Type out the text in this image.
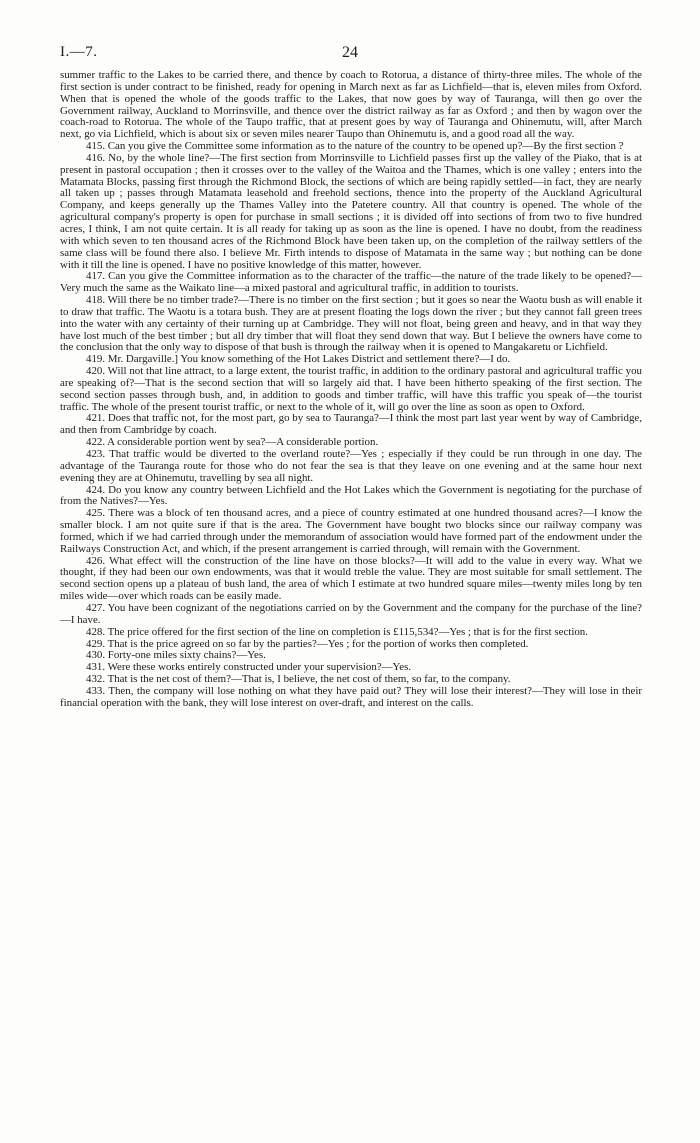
I.—7.	24

summer traffic to the Lakes to be carried there, and thence by coach to Rotorua, a distance of thirty-three miles. The whole of the first section is under contract to be finished, ready for opening in March next as far as Lichfield—that is, eleven miles from Oxford. When that is opened the whole of the goods traffic to the Lakes, that now goes by way of Tauranga, will then go over the Government railway, Auckland to Morrinsville, and thence over the district railway as far as Oxford ; and then by wagon over the coach-road to Rotorua. The whole of the Taupo traffic, that at present goes by way of Tauranga and Ohinemutu, will, after March next, go via Lichfield, which is about six or seven miles nearer Taupo than Ohinemutu is, and a good road all the way.

415. Can you give the Committee some information as to the nature of the country to be opened up?—By the first section ?

416. No, by the whole line?—The first section from Morrinsville to Lichfield passes first up the valley of the Piako, that is at present in pastoral occupation ; then it crosses over to the valley of the Waitoa and the Thames, which is one valley ; enters into the Matamata Blocks, passing first through the Richmond Block, the sections of which are being rapidly settled—in fact, they are nearly all taken up ; passes through Matamata leasehold and freehold sections, thence into the property of the Auckland Agricultural Company, and keeps generally up the Thames Valley into the Patetere country. All that country is opened. The whole of the agricultural company's property is open for purchase in small sections ; it is divided off into sections of from two to five hundred acres, I think, I am not quite certain. It is all ready for taking up as soon as the line is opened. I have no doubt, from the readiness with which seven to ten thousand acres of the Richmond Block have been taken up, on the completion of the railway settlers of the same class will be found there also. I believe Mr. Firth intends to dispose of Matamata in the same way ; but nothing can be done with it till the line is opened. I have no positive knowledge of this matter, however.

417. Can you give the Committee information as to the character of the traffic—the nature of the trade likely to be opened?—Very much the same as the Waikato line—a mixed pastoral and agricultural traffic, in addition to tourists.

418. Will there be no timber trade?—There is no timber on the first section ; but it goes so near the Waotu bush as will enable it to draw that traffic. The Waotu is a totara bush. They are at present floating the logs down the river ; but they cannot fall green trees into the water with any certainty of their turning up at Cambridge. They will not float, being green and heavy, and in that way they have lost much of the best timber ; but all dry timber that will float they send down that way. But I believe the owners have come to the conclusion that the only way to dispose of that bush is through the railway when it is opened to Mangakaretu or Lichfield.

419. Mr. Dargaville.] You know something of the Hot Lakes District and settlement there?—I do.

420. Will not that line attract, to a large extent, the tourist traffic, in addition to the ordinary pastoral and agricultural traffic you are speaking of?—That is the second section that will so largely aid that. I have been hitherto speaking of the first section. The second section passes through bush, and, in addition to goods and timber traffic, will have this traffic you speak of—the tourist traffic. The whole of the present tourist traffic, or next to the whole of it, will go over the line as soon as open to Oxford.

421. Does that traffic not, for the most part, go by sea to Tauranga?—I think the most part last year went by way of Cambridge, and then from Cambridge by coach.

422. A considerable portion went by sea?—A considerable portion.

423. That traffic would be diverted to the overland route?—Yes ; especially if they could be run through in one day. The advantage of the Tauranga route for those who do not fear the sea is that they leave on one evening and at the same hour next evening they are at Ohinemutu, travelling by sea all night.

424. Do you know any country between Lichfield and the Hot Lakes which the Government is negotiating for the purchase of from the Natives?—Yes.

425. There was a block of ten thousand acres, and a piece of country estimated at one hundred thousand acres?—I know the smaller block. I am not quite sure if that is the area. The Government have bought two blocks since our railway company was formed, which if we had carried through under the memorandum of association would have formed part of the endowment under the Railways Construction Act, and which, if the present arrangement is carried through, will remain with the Government.

426. What effect will the construction of the line have on those blocks?—It will add to the value in every way. What we thought, if they had been our own endowments, was that it would treble the value. They are most suitable for small settlement. The second section opens up a plateau of bush land, the area of which I estimate at two hundred square miles—twenty miles long by ten miles wide—over which roads can be easily made.

427. You have been cognizant of the negotiations carried on by the Government and the company for the purchase of the line?—I have.

428. The price offered for the first section of the line on completion is £115,534?—Yes ; that is for the first section.

429. That is the price agreed on so far by the parties?—Yes ; for the portion of works then completed.

430. Forty-one miles sixty chains?—Yes.

431. Were these works entirely constructed under your supervision?—Yes.

432. That is the net cost of them?—That is, I believe, the net cost of them, so far, to the company.

433. Then, the company will lose nothing on what they have paid out? They will lose their interest?—They will lose in their financial operation with the bank, they will lose interest on over-draft, and interest on the calls.
